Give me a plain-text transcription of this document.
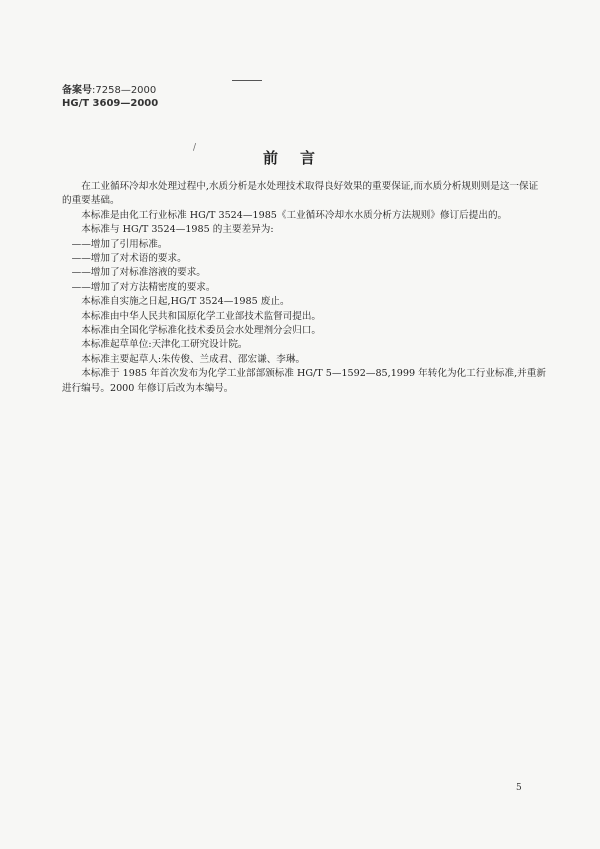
备案号:7258—2000
HG/T 3609—2000
/
前言

在工业循环冷却水处理过程中,水质分析是水处理技术取得良好效果的重要保证,而水质分析规则则是这一保证的重要基础。

本标准是由化工行业标准 HG/T 3524—1985《工业循环冷却水水质分析方法规则》修订后提出的。

本标准与 HG/T 3524—1985 的主要差异为:

——增加了引用标准。

——增加了对术语的要求。

——增加了对标准溶液的要求。

——增加了对方法精密度的要求。

本标准自实施之日起,HG/T 3524—1985 废止。

本标准由中华人民共和国原化学工业部技术监督司提出。

本标准由全国化学标准化技术委员会水处理剂分会归口。

本标准起草单位:天津化工研究设计院。

本标准主要起草人:朱传俊、兰成君、邵宏谦、李琳。

本标准于 1985 年首次发布为化学工业部部颁标准 HG/T 5—1592—85,1999 年转化为化工行业标准,并重新进行编号。2000 年修订后改为本编号。

5
